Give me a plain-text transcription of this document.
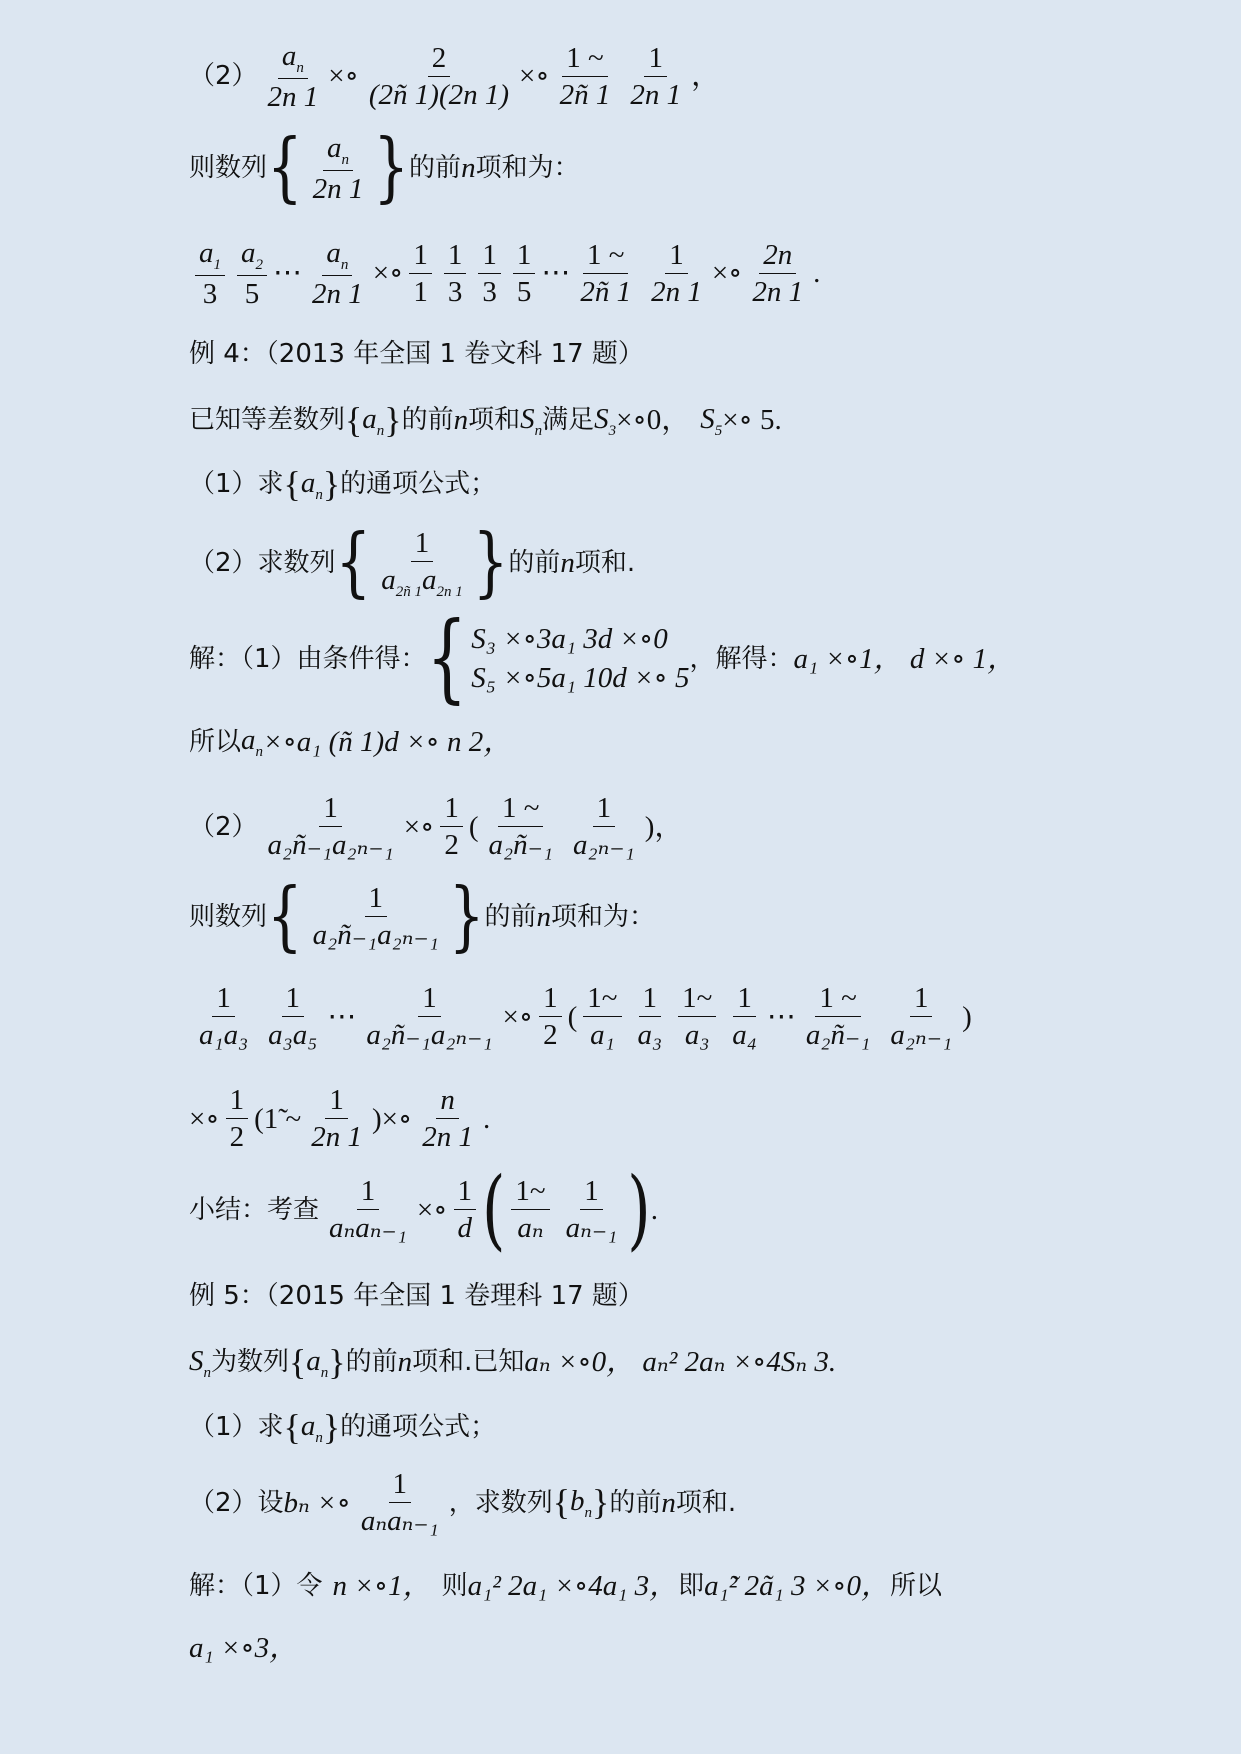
$(2) \frac{a_n}{2n 1}$ ×∘ $\frac{2}{(2ñ 1)(2n 1)}$ ×∘ $\frac{1 \sim}{2ñ 1} \frac{1}{2n 1}$ ，
则数列 { $\frac{a_n}{2n 1}$ } 的前 n 项和为：
$\frac{a_1}{3} \frac{a_2}{5}$ ⋯ $\frac{a_n}{2n 1}$ ×∘ $\frac{1}{1} \frac{1}{3} \frac{1}{3} \frac{1}{5}$ ⋯ $\frac{1 \sim}{2ñ 1} \frac{1}{2n 1}$ ×∘ $\frac{2n}{2n 1}$ .
例 4：（2013 年全国 1 卷文科 17 题）
已知等差数列 { $a_n$ } 的前 n 项和 $S_n$ 满足 $S_3$ ×∘0， $S_5$ ×∘ 5.
（1）求 { $a_n$ } 的通项公式；
（2）求数列 { $\frac{1}{a_{2ñ 1}a_{2n 1}}$ } 的前 n 项和.
解：（1）由条件得： { S₃ ×∘3a₁ 3d ×∘0
S₅ ×∘5a₁ 10d ×∘ 5
，解得： a₁ ×∘1， d ×∘ 1，
所以 $a_n$ ×∘a₁ (ñ 1)d ×∘ n 2，
$(2) \frac{1}{\text{a₂ñ₋₁a₂ₙ₋₁}}$ ×∘ $\frac{1}{2}$ ( $\frac{1 \sim}{\text{a₂ñ₋₁}} \frac{1}{\text{a₂ₙ₋₁}}$ )，
则数列 { $\frac{1}{\text{a₂ñ₋₁a₂ₙ₋₁}}$ } 的前 n 项和为：
$\frac{1}{\text{a₁a₃}} \frac{1}{\text{a₃a₅}}$ ⋯ $\frac{1}{\text{a₂ñ₋₁a₂ₙ₋₁}}$ ×∘ $\frac{1}{2}$ ( $\frac{1\sim}{\text{a₁}} \frac{1}{\text{a₃}} \frac{1\sim}{\text{a₃}} \frac{1}{\text{a₄}}$ ⋯ $\frac{1 \sim}{\text{a₂ñ₋₁}} \frac{1}{\text{a₂ₙ₋₁}}$ )
×∘ $\frac{1}{2}$ (1̃ ~ $\frac{1}{2n 1}$ ) ×∘ $\frac{n}{2n 1}$ .
小结：考查 $\frac{1}{\text{aₙaₙ₋₁}}$ ×∘ $\frac{1}{d}$ ( $\frac{1\sim}{\text{aₙ}} \frac{1}{\text{aₙ₋₁}}$ ) .
例 5：（2015 年全国 1 卷理科 17 题）
$S_n$ 为数列 { $a_n$ } 的前 n 项和.已知 aₙ ×∘0， aₙ² 2aₙ ×∘4Sₙ 3.
（1）求 { $a_n$ } 的通项公式；
（2）设 bₙ ×∘ $\frac{1}{\text{aₙaₙ₋₁}}$ ，求数列 { $b_n$ } 的前 n 项和.
解：（1）令 n ×∘1， 则 a₁² 2a₁ ×∘4a₁ 3， 即 a₁̃² 2ã₁ 3 ×∘0， 所以
a₁ ×∘3，
